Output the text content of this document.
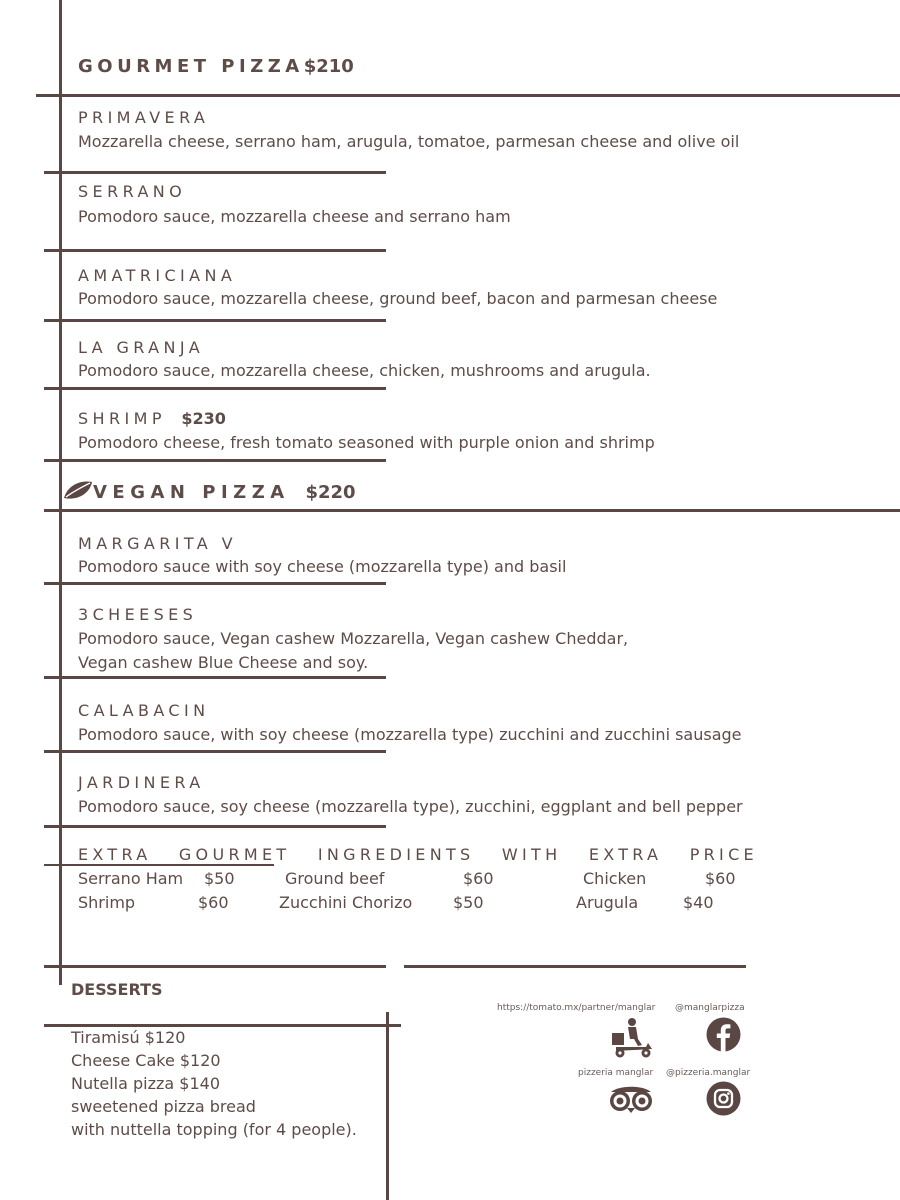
GOURMET PIZZA$210
PRIMAVERA
Mozzarella cheese, serrano ham, arugula, tomatoe, parmesan cheese and olive oil
SERRANO
Pomodoro sauce, mozzarella cheese and serrano ham
AMATRICIANA
Pomodoro sauce, mozzarella cheese, ground beef, bacon and parmesan cheese
LA GRANJA
Pomodoro sauce, mozzarella cheese, chicken, mushrooms and arugula.
SHRIMP $230
Pomodoro cheese, fresh tomato seasoned with purple onion and shrimp
VEGAN PIZZA $220
MARGARITA V
Pomodoro sauce with soy cheese (mozzarella type) and basil
3CHEESES
Pomodoro sauce, Vegan cashew Mozzarella, Vegan cashew Cheddar,
Vegan cashew Blue Cheese and soy.
CALABACIN
Pomodoro sauce, with soy cheese (mozzarella type) zucchini and zucchini sausage
JARDINERA
Pomodoro sauce, soy cheese (mozzarella type), zucchini, eggplant and bell pepper
EXTRA GOURMET INGREDIENTS WITH EXTRA PRICE
Serrano Ham $50	Ground beef	$60	Chicken	$60
Shrimp	$60	Zucchini Chorizo	$50	Arugula	$40
DESSERTS
Tiramisú $120
Cheese Cake $120
Nutella pizza $140
sweetened pizza bread
with nuttella topping (for 4 people).
https://tomato.mx/partner/manglar @manglarpizza
pizzeria manglar @pizzeria.manglar
